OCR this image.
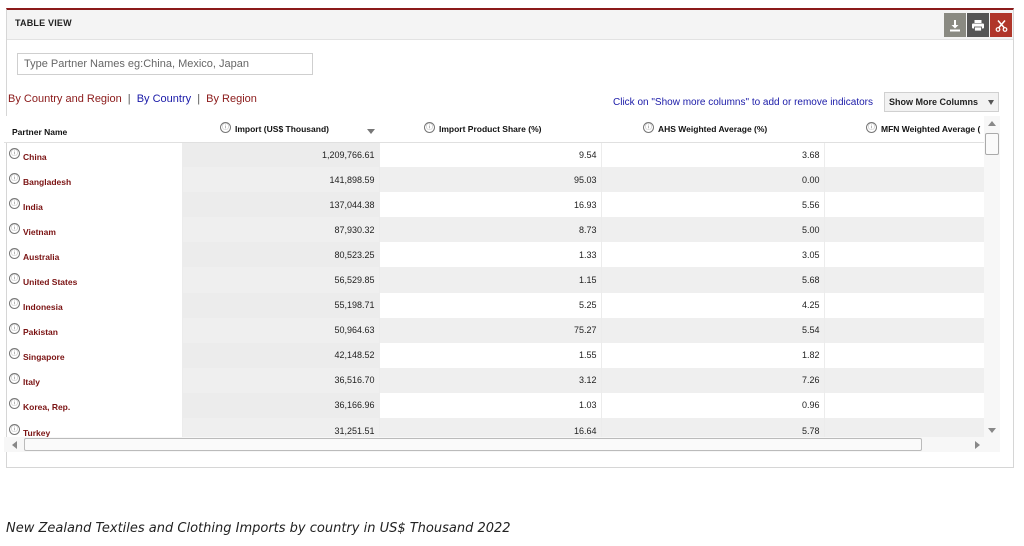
TABLE VIEW
Type Partner Names eg:China, Mexico, Japan
By Country and Region | By Country | By Region	Click on "Show more columns" to add or remove indicators Show More Columns
Partner Name	ⓘ Import (US$ Thousand)	ⓘ Import Product Share (%)	ⓘ AHS Weighted Average (%)	ⓘ MFN Weighted Average (

ⓘ China	1,209,766.61	9.54	3.68	
ⓘ Bangladesh	141,898.59	95.03	0.00	
ⓘ India	137,044.38	16.93	5.56	
ⓘ Vietnam	87,930.32	8.73	5.00	
ⓘ Australia	80,523.25	1.33	3.05	
ⓘ United States	56,529.85	1.15	5.68	
ⓘ Indonesia	55,198.71	5.25	4.25	
ⓘ Pakistan	50,964.63	75.27	5.54	
ⓘ Singapore	42,148.52	1.55	1.82	
ⓘ Italy	36,516.70	3.12	7.26	
ⓘ Korea, Rep.	36,166.96	1.03	0.96	
ⓘ Turkey	31,251.51	16.64	5.78	
New Zealand Textiles and Clothing Imports by country in US$ Thousand 2022
